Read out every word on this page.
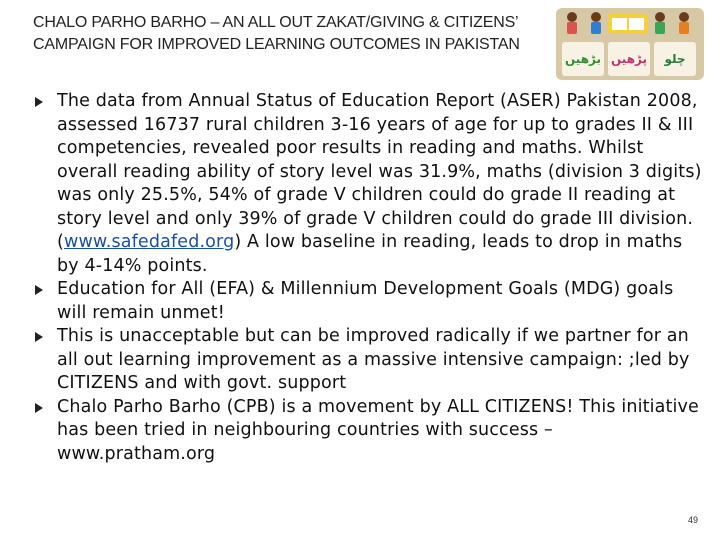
CHALO PARHO BARHO – AN ALL OUT ZAKAT/GIVING & CITIZENS’ CAMPAIGN FOR IMPROVED LEARNING OUTCOMES IN PAKISTAN
بڑھیں پڑھیں	چلو
The data from Annual Status of Education Report (ASER) Pakistan 2008, assessed 16737 rural children 3-16 years of age for up to grades II & III competencies, revealed poor results in reading and maths. Whilst overall reading ability of story level was 31.9%, maths (division 3 digits) was only 25.5%, 54% of grade V children could do grade II reading at story level and only 39% of grade V children could do grade III division. (www.safedafed.org) A low baseline in reading, leads to drop in maths by 4-14% points.
Education for All (EFA) & Millennium Development Goals (MDG) goals will remain unmet!
This is unacceptable but can be improved radically if we partner for an all out learning improvement as a massive intensive campaign: ;led by CITIZENS and with govt. support
Chalo Parho Barho (CPB) is a movement by ALL CITIZENS! This initiative has been tried in neighbouring countries with success – www.pratham.org
49
